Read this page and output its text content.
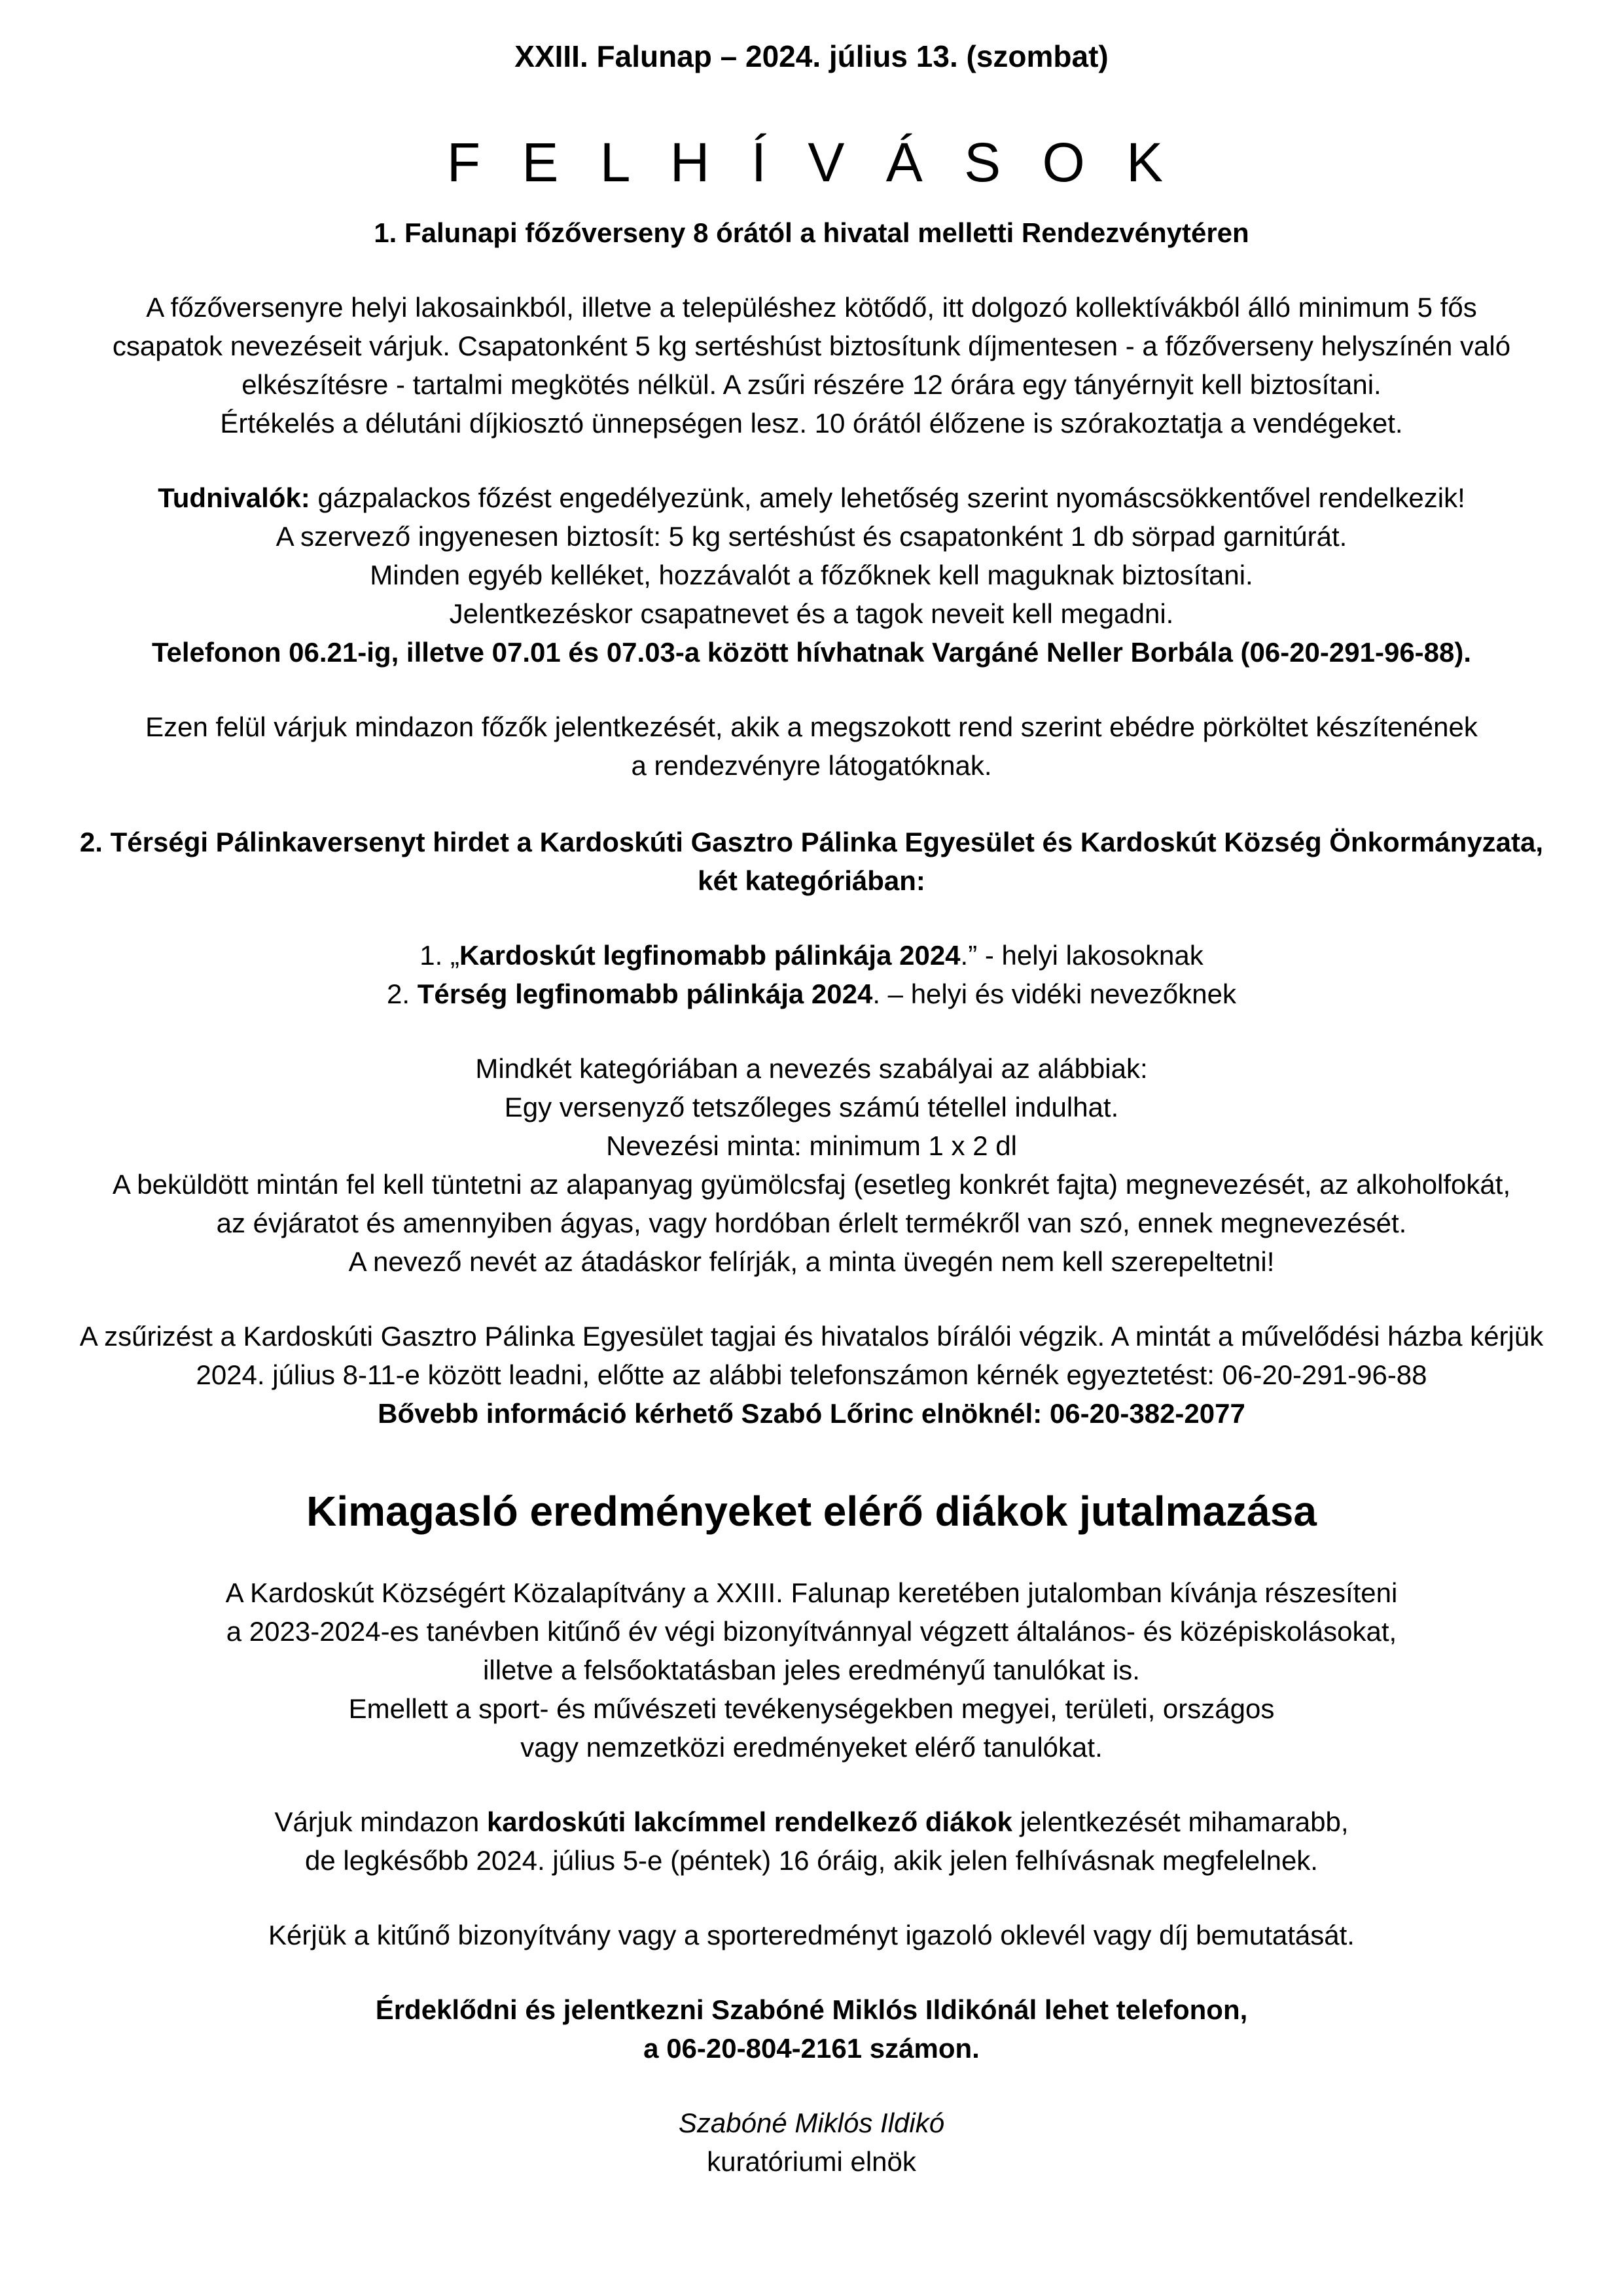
XXIII. Falunap – 2024. július 13. (szombat)

F E L H Í V Á S O K

1. Falunapi főzőverseny 8 órától a hivatal melletti Rendezvénytéren

A főzőversenyre helyi lakosainkból, illetve a településhez kötődő, itt dolgozó kollektívákból álló minimum 5 fős
csapatok nevezéseit várjuk. Csapatonként 5 kg sertéshúst biztosítunk díjmentesen - a főzőverseny helyszínén való
elkészítésre - tartalmi megkötés nélkül. A zsűri részére 12 órára egy tányérnyit kell biztosítani.
Értékelés a délutáni díjkiosztó ünnepségen lesz. 10 órától élőzene is szórakoztatja a vendégeket.
Tudnivalók: gázpalackos főzést engedélyezünk, amely lehetőség szerint nyomáscsökkentővel rendelkezik!
A szervező ingyenesen biztosít: 5 kg sertéshúst és csapatonként 1 db sörpad garnitúrát.
Minden egyéb kelléket, hozzávalót a főzőknek kell maguknak biztosítani.
Jelentkezéskor csapatnevet és a tagok neveit kell megadni.
Telefonon 06.21-ig, illetve 07.01 és 07.03-a között hívhatnak Vargáné Neller Borbála (06-20-291-96-88).
Ezen felül várjuk mindazon főzők jelentkezését, akik a megszokott rend szerint ebédre pörköltet készítenének
a rendezvényre látogatóknak.
2. Térségi Pálinkaversenyt hirdet a Kardoskúti Gasztro Pálinka Egyesület és Kardoskút Község Önkormányzata,
két kategóriában:
1. „Kardoskút legfinomabb pálinkája 2024.” - helyi lakosoknak
2. Térség legfinomabb pálinkája 2024. – helyi és vidéki nevezőknek
Mindkét kategóriában a nevezés szabályai az alábbiak:
Egy versenyző tetszőleges számú tétellel indulhat.
Nevezési minta: minimum 1 x 2 dl
A beküldött mintán fel kell tüntetni az alapanyag gyümölcsfaj (esetleg konkrét fajta) megnevezését, az alkoholfokát,
az évjáratot és amennyiben ágyas, vagy hordóban érlelt termékről van szó, ennek megnevezését.
A nevező nevét az átadáskor felírják, a minta üvegén nem kell szerepeltetni!
A zsűrizést a Kardoskúti Gasztro Pálinka Egyesület tagjai és hivatalos bírálói végzik. A mintát a művelődési házba kérjük
2024. július 8-11-e között leadni, előtte az alábbi telefonszámon kérnék egyeztetést: 06-20-291-96-88
Bővebb információ kérhető Szabó Lőrinc elnöknél: 06-20-382-2077

Kimagasló eredményeket elérő diákok jutalmazása

A Kardoskút Községért Közalapítvány a XXIII. Falunap keretében jutalomban kívánja részesíteni
a 2023-2024-es tanévben kitűnő év végi bizonyítvánnyal végzett általános- és középiskolásokat,
illetve a felsőoktatásban jeles eredményű tanulókat is.
Emellett a sport- és művészeti tevékenységekben megyei, területi, országos
vagy nemzetközi eredményeket elérő tanulókat.
Várjuk mindazon kardoskúti lakcímmel rendelkező diákok jelentkezését mihamarabb,
de legkésőbb 2024. július 5-e (péntek) 16 óráig, akik jelen felhívásnak megfelelnek.
Kérjük a kitűnő bizonyítvány vagy a sporteredményt igazoló oklevél vagy díj bemutatását.
Érdeklődni és jelentkezni Szabóné Miklós Ildikónál lehet telefonon,
a 06-20-804-2161 számon.
Szabóné Miklós Ildikó
kuratóriumi elnök
